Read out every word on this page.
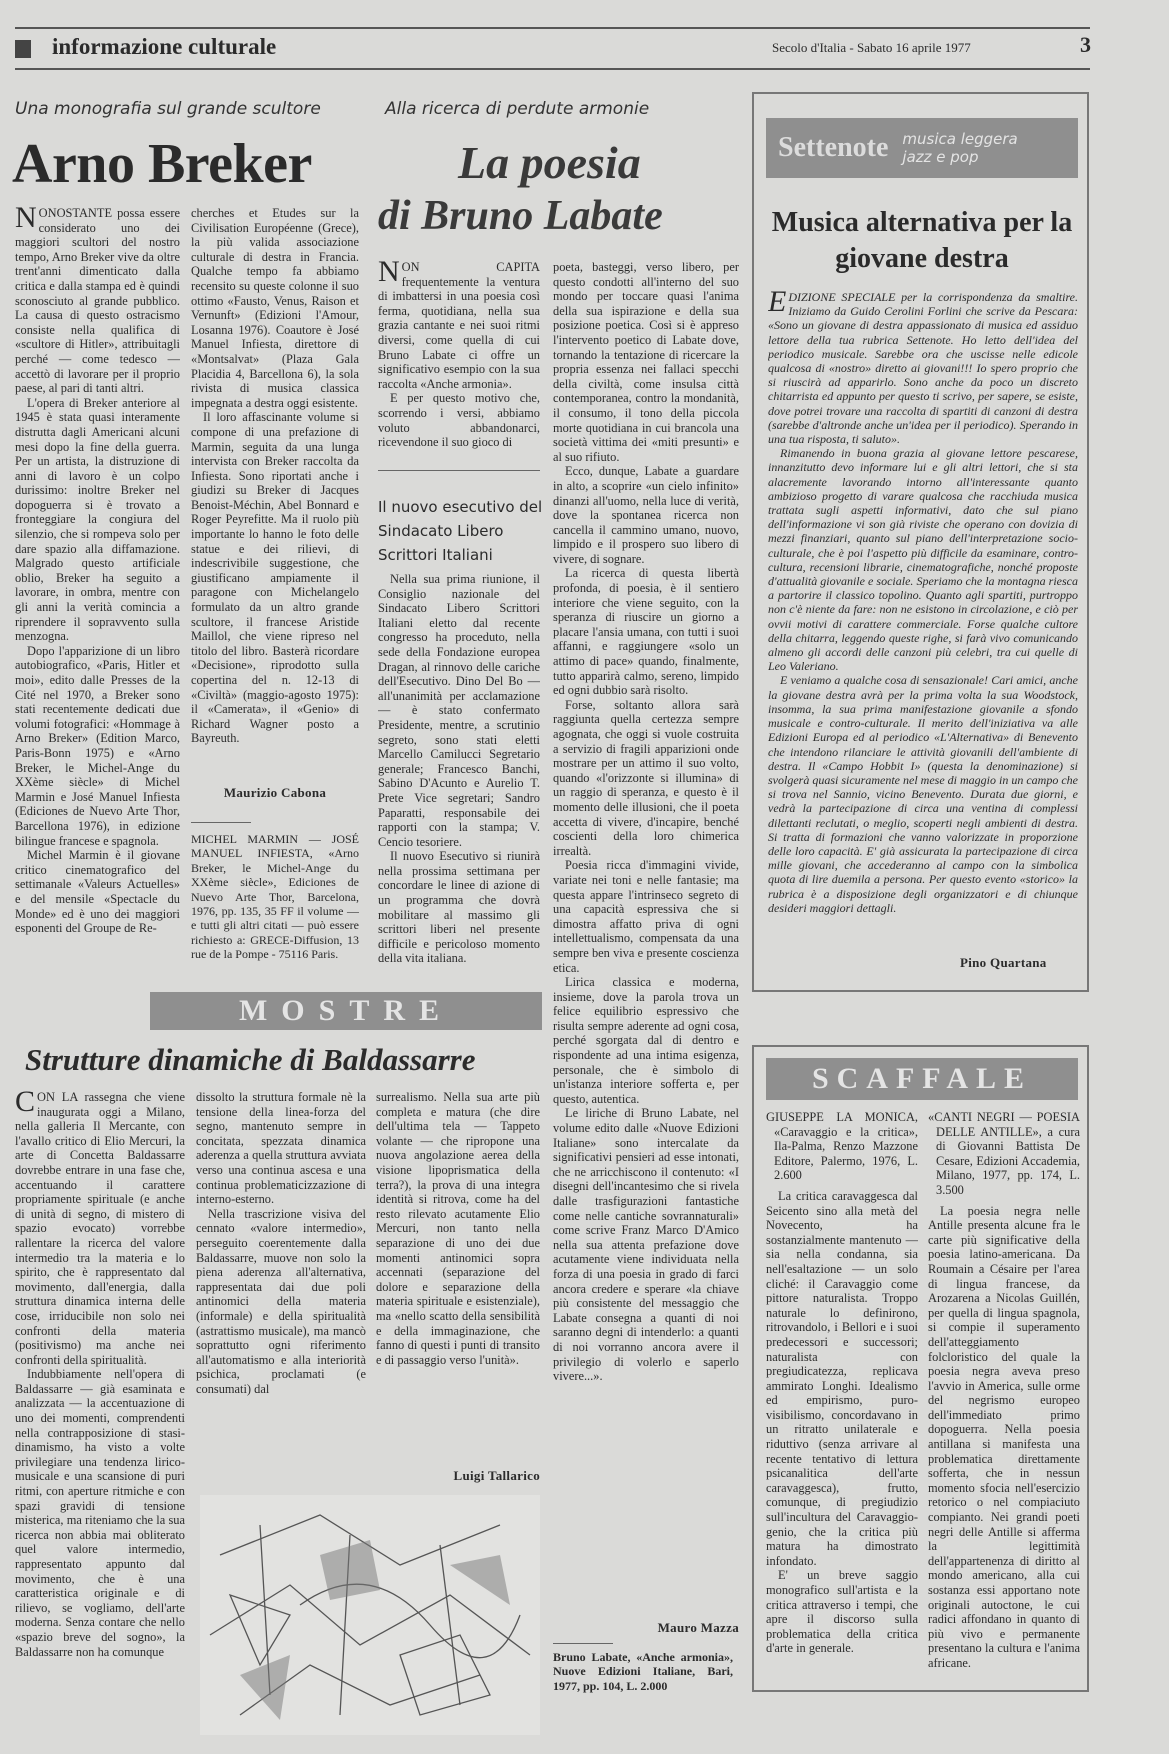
informazione culturale	Secolo d'Italia - Sabato 16 aprile 1977	3
Una monografia sul grande scultore
Arno Breker

NONOSTANTE possa essere considerato uno dei maggiori scultori del nostro tempo, Arno Breker vive da oltre trent'anni dimenticato dalla critica e dalla stampa ed è quindi sconosciuto al grande pubblico. La causa di questo ostracismo consiste nella qualifica di «scultore di Hitler», attribuitagli perché — come tedesco — accettò di lavorare per il proprio paese, al pari di tanti altri.

L'opera di Breker anteriore al 1945 è stata quasi interamente distrutta dagli Americani alcuni mesi dopo la fine della guerra. Per un artista, la distruzione di anni di lavoro è un colpo durissimo: inoltre Breker nel dopoguerra si è trovato a fronteggiare la congiura del silenzio, che si rompeva solo per dare spazio alla diffamazione. Malgrado questo artificiale oblio, Breker ha seguito a lavorare, in ombra, mentre con gli anni la verità comincia a riprendere il sopravvento sulla menzogna.

Dopo l'apparizione di un libro autobiografico, «Paris, Hitler et moi», edito dalle Presses de la Cité nel 1970, a Breker sono stati recentemente dedicati due volumi fotografici: «Hommage à Arno Breker» (Edition Marco, Paris-Bonn 1975) e «Arno Breker, le Michel-Ange du XXème siècle» di Michel Marmin e José Manuel Infiesta (Ediciones de Nuevo Arte Thor, Barcellona 1976), in edizione bilingue francese e spagnola.

Michel Marmin è il giovane critico cinematografico del settimanale «Valeurs Actuelles» e del mensile «Spectacle du Monde» ed è uno dei maggiori esponenti del Groupe de Re-

cherches et Etudes sur la Civilisation Européenne (Grece), la più valida associazione culturale di destra in Francia. Qualche tempo fa abbiamo recensito su queste colonne il suo ottimo «Fausto, Venus, Raison et Vernunft» (Edizioni l'Amour, Losanna 1976). Coautore è José Manuel Infiesta, direttore di «Montsalvat» (Plaza Gala Placidia 4, Barcellona 6), la sola rivista di musica classica impegnata a destra oggi esistente.

Il loro affascinante volume si compone di una prefazione di Marmin, seguita da una lunga intervista con Breker raccolta da Infiesta. Sono riportati anche i giudizi su Breker di Jacques Benoist-Méchin, Abel Bonnard e Roger Peyrefitte. Ma il ruolo più importante lo hanno le foto delle statue e dei rilievi, di indescrivibile suggestione, che giustificano ampiamente il paragone con Michelangelo formulato da un altro grande scultore, il francese Aristide Maillol, che viene ripreso nel titolo del libro. Basterà ricordare «Decisione», riprodotto sulla copertina del n. 12-13 di «Civiltà» (maggio-agosto 1975): il «Camerata», il «Genio» di Richard Wagner posto a Bayreuth.

Maurizio Cabona
MICHEL MARMIN — JOSÉ MANUEL INFIESTA, «Arno Breker, le Michel-Ange du XXème siècle», Ediciones de Nuevo Arte Thor, Barcelona, 1976, pp. 135, 35 FF il volume — e tutti gli altri citati — può essere richiesto a: GRECE-Diffusion, 13 rue de la Pompe - 75116 Paris.
Alla ricerca di perdute armonie
La poesia
di Bruno Labate

NON CAPITA frequentemente la ventura di imbattersi in una poesia così ferma, quotidiana, nella sua grazia cantante e nei suoi ritmi diversi, come quella di cui Bruno Labate ci offre un significativo esempio con la sua raccolta «Anche armonia».

E per questo motivo che, scorrendo i versi, abbiamo voluto abbandonarci, ricevendone il suo gioco di

Il nuovo esecutivo del Sindacato Libero Scrittori Italiani

Nella sua prima riunione, il Consiglio nazionale del Sindacato Libero Scrittori Italiani eletto dal recente congresso ha proceduto, nella sede della Fondazione europea Dragan, al rinnovo delle cariche dell'Esecutivo. Dino Del Bo — all'unanimità per acclamazione — è stato confermato Presidente, mentre, a scrutinio segreto, sono stati eletti Marcello Camilucci Segretario generale; Francesco Banchi, Sabino D'Acunto e Aurelio T. Prete Vice segretari; Sandro Paparatti, responsabile dei rapporti con la stampa; V. Cencio tesoriere.

Il nuovo Esecutivo si riunirà nella prossima settimana per concordare le linee di azione di un programma che dovrà mobilitare al massimo gli scrittori liberi nel presente difficile e pericoloso momento della vita italiana.

poeta, basteggi, verso libero, per questo condotti all'interno del suo mondo per toccare quasi l'anima della sua ispirazione e della sua posizione poetica. Così si è appreso l'intervento poetico di Labate dove, tornando la tentazione di ricercare la propria essenza nei fallaci specchi della civiltà, come insulsa città contemporanea, contro la mondanità, il consumo, il tono della piccola morte quotidiana in cui brancola una società vittima dei «miti presunti» e al suo rifiuto.

Ecco, dunque, Labate a guardare in alto, a scoprire «un cielo infinito» dinanzi all'uomo, nella luce di verità, dove la spontanea ricerca non cancella il cammino umano, nuovo, limpido e il prospero suo libero di vivere, di sognare.

La ricerca di questa libertà profonda, di poesia, è il sentiero interiore che viene seguito, con la speranza di riuscire un giorno a placare l'ansia umana, con tutti i suoi affanni, e raggiungere «solo un attimo di pace» quando, finalmente, tutto apparirà calmo, sereno, limpido ed ogni dubbio sarà risolto.

Forse, soltanto allora sarà raggiunta quella certezza sempre agognata, che oggi si vuole costruita a servizio di fragili apparizioni onde mostrare per un attimo il suo volto, quando «l'orizzonte si illumina» di un raggio di speranza, e questo è il momento delle illusioni, che il poeta accetta di vivere, d'incapire, benché coscienti della loro chimerica irrealtà.

Poesia ricca d'immagini vivide, variate nei toni e nelle fantasie; ma questa appare l'intrinseco segreto di una capacità espressiva che si dimostra affatto priva di ogni intellettualismo, compensata da una sempre ben viva e presente coscienza etica.

Lirica classica e moderna, insieme, dove la parola trova un felice equilibrio espressivo che risulta sempre aderente ad ogni cosa, perché sgorgata dal di dentro e rispondente ad una intima esigenza, personale, che è simbolo di un'istanza interiore sofferta e, per questo, autentica.

Le liriche di Bruno Labate, nel volume edito dalle «Nuove Edizioni Italiane» sono intercalate da significativi pensieri ad esse intonati, che ne arricchiscono il contenuto: «I disegni dell'incantesimo che si rivela dalle trasfigurazioni fantastiche come nelle cantiche sovrannaturali» come scrive Franz Marco D'Amico nella sua attenta prefazione dove acutamente viene individuata nella forza di una poesia in grado di farci ancora credere e sperare «la chiave più consistente del messaggio che Labate consegna a quanti di noi saranno degni di intenderlo: a quanti di noi vorranno ancora avere il privilegio di volerlo e saperlo vivere...».

Mauro Mazza
Bruno Labate, «Anche armonia», Nuove Edizioni Italiane, Bari, 1977, pp. 104, L. 2.000
Settenote musica leggera jazz e pop
Musica alternativa per la giovane destra

EDIZIONE SPECIALE per la corrispondenza da smaltire. Iniziamo da Guido Cerolini Forlini che scrive da Pescara: «Sono un giovane di destra appassionato di musica ed assiduo lettore della tua rubrica Settenote. Ho letto dell'idea del periodico musicale. Sarebbe ora che uscisse nelle edicole qualcosa di «nostro» diretto ai giovani!!! Io spero proprio che si riuscirà ad apparirlo. Sono anche da poco un discreto chitarrista ed appunto per questo ti scrivo, per sapere, se esiste, dove potrei trovare una raccolta di spartiti di canzoni di destra (sarebbe d'altronde anche un'idea per il periodico). Sperando in una tua risposta, ti saluto».

Rimanendo in buona grazia al giovane lettore pescarese, innanzitutto devo informare lui e gli altri lettori, che si sta alacremente lavorando intorno all'interessante quanto ambizioso progetto di varare qualcosa che racchiuda musica trattata sugli aspetti informativi, dato che sul piano dell'informazione vi son già riviste che operano con dovizia di mezzi finanziari, quanto sul piano dell'interpretazione socio-culturale, che è poi l'aspetto più difficile da esaminare, contro-cultura, recensioni librarie, cinematografiche, nonché proposte d'attualità giovanile e sociale. Speriamo che la montagna riesca a partorire il classico topolino. Quanto agli spartiti, purtroppo non c'è niente da fare: non ne esistono in circolazione, e ciò per ovvii motivi di carattere commerciale. Forse qualche cultore della chitarra, leggendo queste righe, si farà vivo comunicando almeno gli accordi delle canzoni più celebri, tra cui quelle di Leo Valeriano.

E veniamo a qualche cosa di sensazionale! Cari amici, anche la giovane destra avrà per la prima volta la sua Woodstock, insomma, la sua prima manifestazione giovanile a sfondo musicale e contro-culturale. Il merito dell'iniziativa va alle Edizioni Europa ed al periodico «L'Alternativa» di Benevento che intendono rilanciare le attività giovanili dell'ambiente di destra. Il «Campo Hobbit I» (questa la denominazione) si svolgerà quasi sicuramente nel mese di maggio in un campo che si trova nel Sannio, vicino Benevento. Durata due giorni, e vedrà la partecipazione di circa una ventina di complessi dilettanti reclutati, o meglio, scoperti negli ambienti di destra. Si tratta di formazioni che vanno valorizzate in proporzione delle loro capacità. E' già assicurata la partecipazione di circa mille giovani, che accederanno al campo con la simbolica quota di lire duemila a persona. Per questo evento «storico» la rubrica è a disposizione degli organizzatori e di chiunque desideri maggiori dettagli.

Pino Quartana
MOSTRE
Strutture dinamiche di Baldassarre

CON LA rassegna che viene inaugurata oggi a Milano, nella galleria Il Mercante, con l'avallo critico di Elio Mercuri, la arte di Concetta Baldassarre dovrebbe entrare in una fase che, accentuando il carattere propriamente spirituale (e anche di unità di segno, di mistero di spazio evocato) vorrebbe rallentare la ricerca del valore intermedio tra la materia e lo spirito, che è rappresentato dal movimento, dall'energia, dalla struttura dinamica interna delle cose, irriducibile non solo nei confronti della materia (positivismo) ma anche nei confronti della spiritualità.

Indubbiamente nell'opera di Baldassarre — già esaminata e analizzata — la accentuazione di uno dei momenti, comprendenti nella contrapposizione di stasi-dinamismo, ha visto a volte privilegiare una tendenza lirico-musicale e una scansione di puri ritmi, con aperture ritmiche e con spazi gravidi di tensione misterica, ma riteniamo che la sua ricerca non abbia mai obliterato quel valore intermedio, rappresentato appunto dal movimento, che è una caratteristica originale e di rilievo, se vogliamo, dell'arte moderna. Senza contare che nello «spazio breve del sogno», la Baldassarre non ha comunque

dissolto la struttura formale nè la tensione della linea-forza del segno, mantenuto sempre in concitata, spezzata dinamica aderenza a quella struttura avviata verso una continua ascesa e una continua problematicizzazione di interno-esterno.

Nella trascrizione visiva del cennato «valore intermedio», perseguito coerentemente dalla Baldassarre, muove non solo la piena aderenza all'alternativa, rappresentata dai due poli antinomici della materia (informale) e della spiritualità (astrattismo musicale), ma mancò soprattutto ogni riferimento all'automatismo e alla interiorità psichica, proclamati (e consumati) dal

surrealismo. Nella sua arte più completa e matura (che dire dell'ultima tela — Tappeto volante — che ripropone una nuova angolazione aerea della visione lipoprismatica della terra?), la prova di una integra identità si ritrova, come ha del resto rilevato acutamente Elio Mercuri, non tanto nella separazione di uno dei due momenti antinomici sopra accennati (separazione del dolore e separazione della materia spirituale e esistenziale), ma «nello scatto della sensibilità e della immaginazione, che fanno di questi i punti di transito e di passaggio verso l'unità».

Luigi Tallarico
SCAFFALE

GIUSEPPE LA MONICA, «Caravaggio e la critica», Ila-Palma, Renzo Mazzone Editore, Palermo, 1976, L. 2.600

La critica caravaggesca dal Seicento sino alla metà del Novecento, ha sostanzialmente mantenuto — sia nella condanna, sia nell'esaltazione — un solo cliché: il Caravaggio come pittore naturalista. Troppo naturale lo definirono, ritrovandolo, i Bellori e i suoi predecessori e successori; naturalista con pregiudicatezza, replicava ammirato Longhi. Idealismo ed empirismo, puro-visibilismo, concordavano in un ritratto unilaterale e riduttivo (senza arrivare al recente tentativo di lettura psicanalitica dell'arte caravaggesca), frutto, comunque, di pregiudizio sull'incultura del Caravaggio-genio, che la critica più matura ha dimostrato infondato.

E' un breve saggio monografico sull'artista e la critica attraverso i tempi, che apre il discorso sulla problematica della critica d'arte in generale.

«CANTI NEGRI — POESIA DELLE ANTILLE», a cura di Giovanni Battista De Cesare, Edizioni Accademia, Milano, 1977, pp. 174, L. 3.500

La poesia negra nelle Antille presenta alcune fra le carte più significative della poesia latino-americana. Da Roumain a Césaire per l'area di lingua francese, da Arozarena a Nicolas Guillén, per quella di lingua spagnola, si compie il superamento dell'atteggiamento folcloristico del quale la poesia negra aveva preso l'avvio in America, sulle orme del negrismo europeo dell'immediato primo dopoguerra. Nella poesia antillana si manifesta una problematica direttamente sofferta, che in nessun momento sfocia nell'esercizio retorico o nel compiaciuto compianto. Nei grandi poeti negri delle Antille si afferma la legittimità dell'appartenenza di diritto al mondo americano, alla cui sostanza essi apportano note originali autoctone, le cui radici affondano in quanto di più vivo e permanente presentano la cultura e l'anima africane.
